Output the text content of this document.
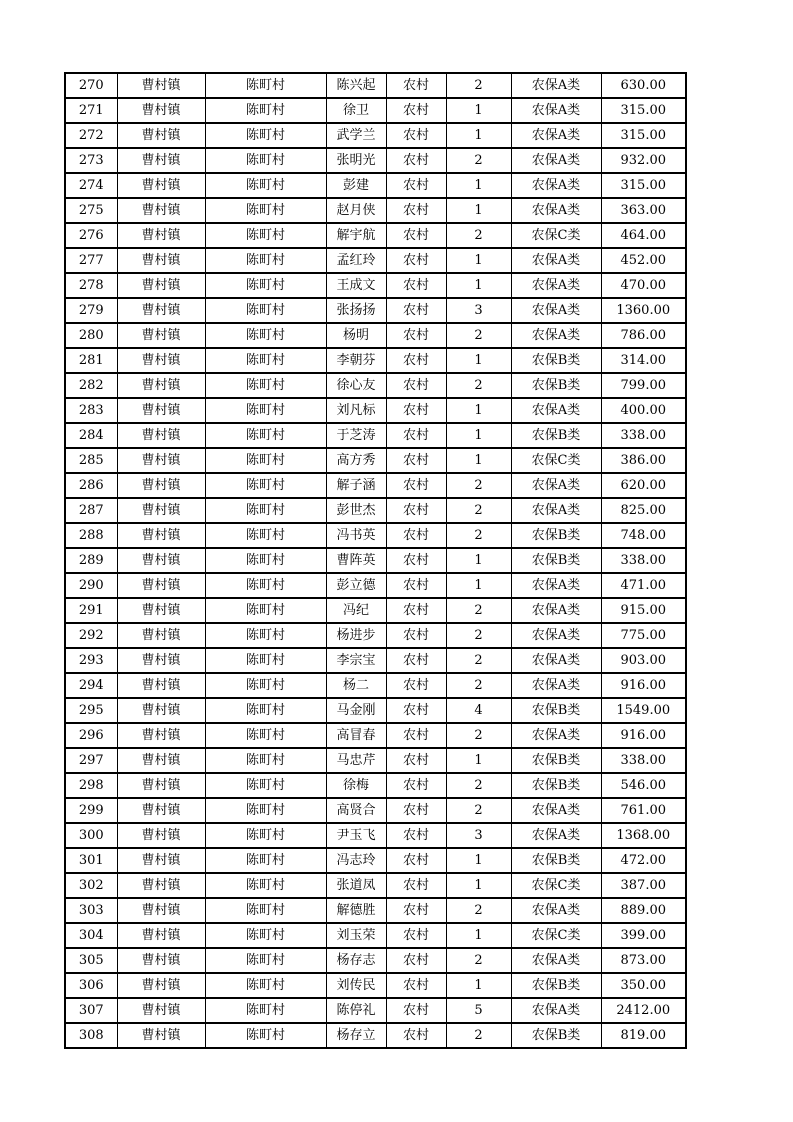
270	曹村镇	陈町村	陈兴起	农村	2	农保A类	630.00
271	曹村镇	陈町村	徐卫	农村	1	农保A类	315.00
272	曹村镇	陈町村	武学兰	农村	1	农保A类	315.00
273	曹村镇	陈町村	张明光	农村	2	农保A类	932.00
274	曹村镇	陈町村	彭建	农村	1	农保A类	315.00
275	曹村镇	陈町村	赵月侠	农村	1	农保A类	363.00
276	曹村镇	陈町村	解宇航	农村	2	农保C类	464.00
277	曹村镇	陈町村	孟红玲	农村	1	农保A类	452.00
278	曹村镇	陈町村	王成文	农村	1	农保A类	470.00
279	曹村镇	陈町村	张扬扬	农村	3	农保A类	1360.00
280	曹村镇	陈町村	杨明	农村	2	农保A类	786.00
281	曹村镇	陈町村	李朝芬	农村	1	农保B类	314.00
282	曹村镇	陈町村	徐心友	农村	2	农保B类	799.00
283	曹村镇	陈町村	刘凡标	农村	1	农保A类	400.00
284	曹村镇	陈町村	于芝涛	农村	1	农保B类	338.00
285	曹村镇	陈町村	高方秀	农村	1	农保C类	386.00
286	曹村镇	陈町村	解子涵	农村	2	农保A类	620.00
287	曹村镇	陈町村	彭世杰	农村	2	农保A类	825.00
288	曹村镇	陈町村	冯书英	农村	2	农保B类	748.00
289	曹村镇	陈町村	曹阵英	农村	1	农保B类	338.00
290	曹村镇	陈町村	彭立德	农村	1	农保A类	471.00
291	曹村镇	陈町村	冯纪	农村	2	农保A类	915.00
292	曹村镇	陈町村	杨进步	农村	2	农保A类	775.00
293	曹村镇	陈町村	李宗宝	农村	2	农保A类	903.00
294	曹村镇	陈町村	杨二	农村	2	农保A类	916.00
295	曹村镇	陈町村	马金刚	农村	4	农保B类	1549.00
296	曹村镇	陈町村	高冒春	农村	2	农保A类	916.00
297	曹村镇	陈町村	马忠芹	农村	1	农保B类	338.00
298	曹村镇	陈町村	徐梅	农村	2	农保B类	546.00
299	曹村镇	陈町村	高贤合	农村	2	农保A类	761.00
300	曹村镇	陈町村	尹玉飞	农村	3	农保A类	1368.00
301	曹村镇	陈町村	冯志玲	农村	1	农保B类	472.00
302	曹村镇	陈町村	张道凤	农村	1	农保C类	387.00
303	曹村镇	陈町村	解德胜	农村	2	农保A类	889.00
304	曹村镇	陈町村	刘玉荣	农村	1	农保C类	399.00
305	曹村镇	陈町村	杨存志	农村	2	农保A类	873.00
306	曹村镇	陈町村	刘传民	农村	1	农保B类	350.00
307	曹村镇	陈町村	陈停礼	农村	5	农保A类	2412.00
308	曹村镇	陈町村	杨存立	农村	2	农保B类	819.00
